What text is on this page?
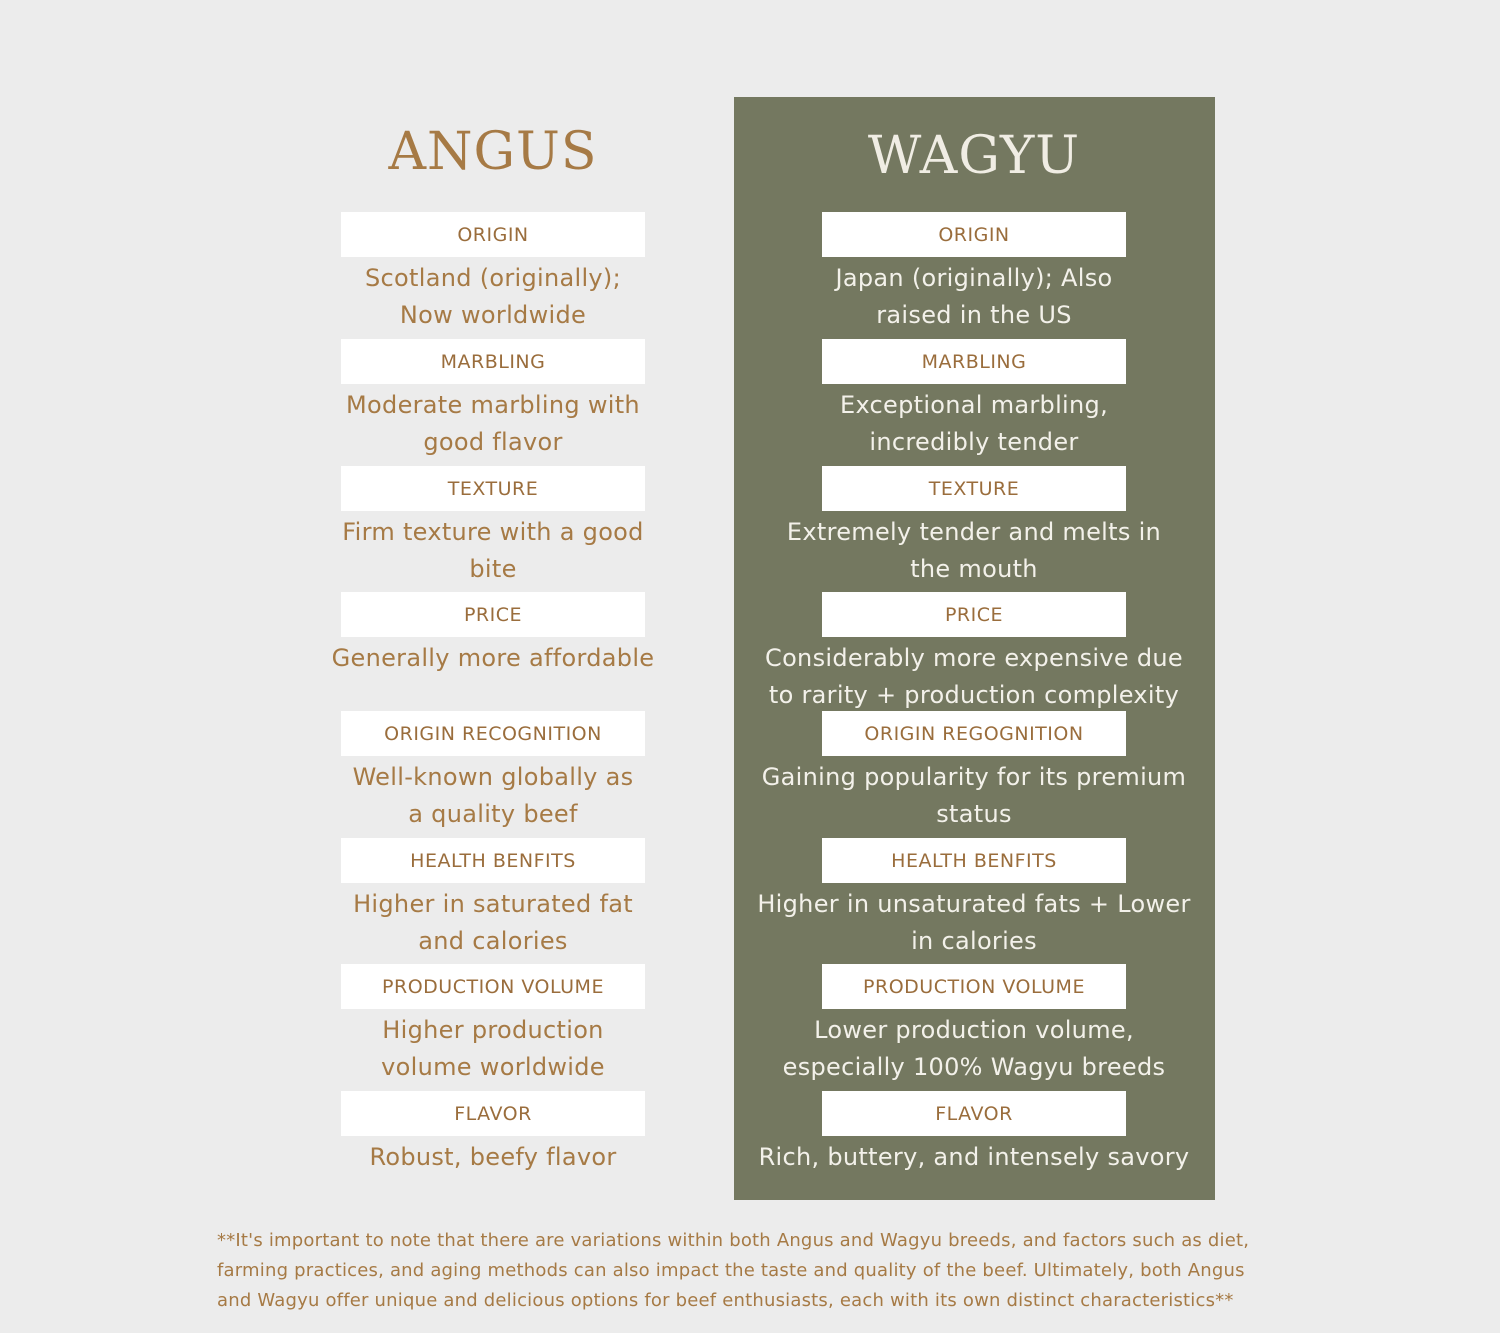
ANGUS
ORIGIN
Scotland (originally);
Now worldwide
MARBLING
Moderate marbling with
good flavor
TEXTURE
Firm texture with a good
bite
PRICE
Generally more affordable
ORIGIN RECOGNITION
Well-known globally as
a quality beef
HEALTH BENFITS
Higher in saturated fat
and calories
PRODUCTION VOLUME
Higher production
volume worldwide
FLAVOR
Robust, beefy flavor
WAGYU
ORIGIN
Japan (originally); Also
raised in the US
MARBLING
Exceptional marbling,
incredibly tender
TEXTURE
Extremely tender and melts in
the mouth
PRICE
Considerably more expensive due
to rarity + production complexity
ORIGIN REGOGNITION
Gaining popularity for its premium
status
HEALTH BENFITS
Higher in unsaturated fats + Lower
in calories
PRODUCTION VOLUME
Lower production volume,
especially 100% Wagyu breeds
FLAVOR
Rich, buttery, and intensely savory
**It's important to note that there are variations within both Angus and Wagyu breeds, and factors such as diet,
farming practices, and aging methods can also impact the taste and quality of the beef. Ultimately, both Angus
and Wagyu offer unique and delicious options for beef enthusiasts, each with its own distinct characteristics**
